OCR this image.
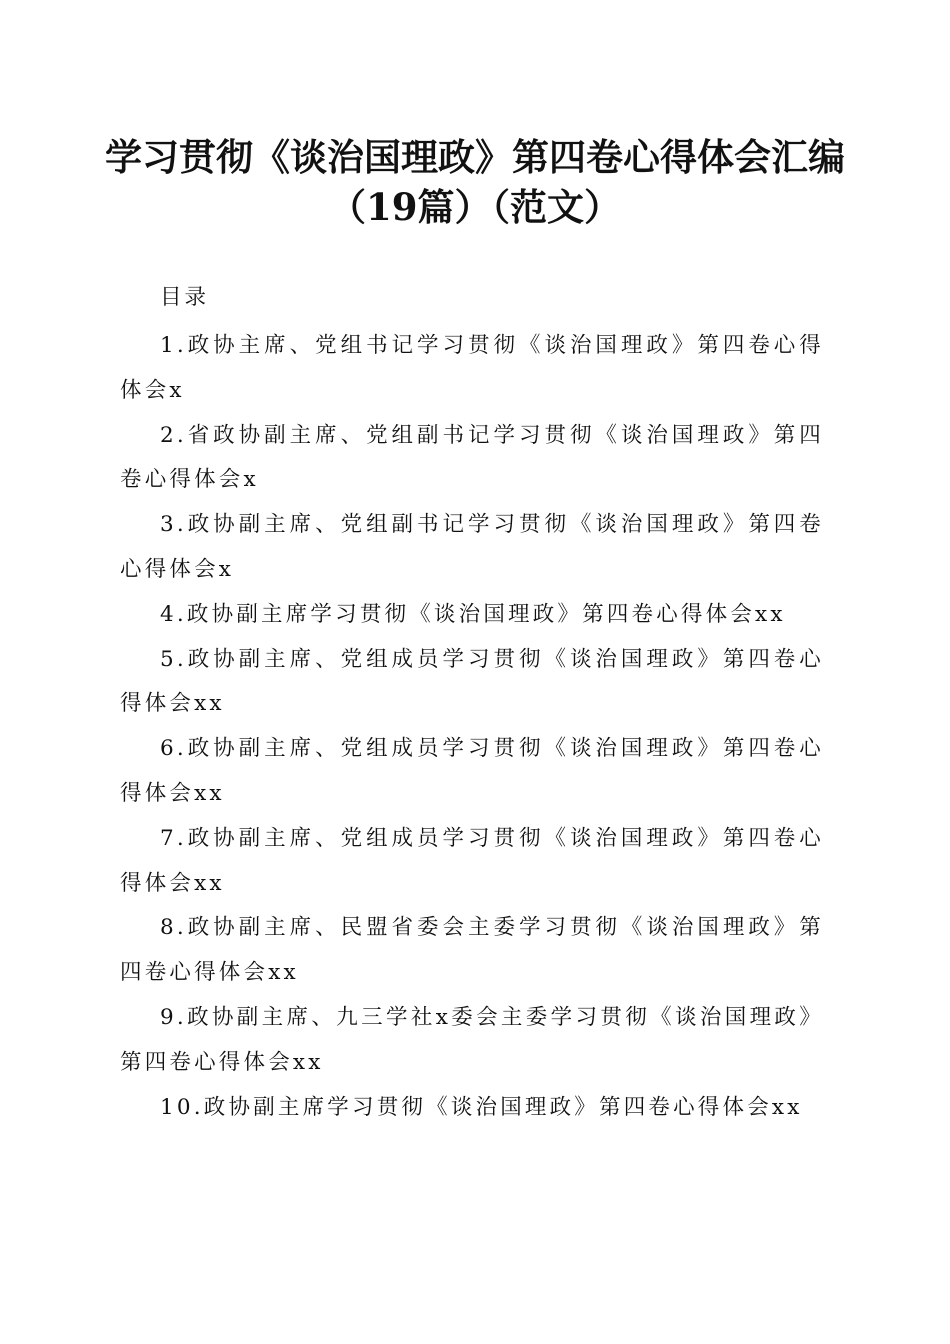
学习贯彻《谈治国理政》第四卷心得体会汇编
（19篇）（范文）
目录
1.政协主席、党组书记学习贯彻《谈治国理政》第四卷心得体会x
2.省政协副主席、党组副书记学习贯彻《谈治国理政》第四卷心得体会x
3.政协副主席、党组副书记学习贯彻《谈治国理政》第四卷心得体会x
4.政协副主席学习贯彻《谈治国理政》第四卷心得体会xx
5.政协副主席、党组成员学习贯彻《谈治国理政》第四卷心得体会xx
6.政协副主席、党组成员学习贯彻《谈治国理政》第四卷心得体会xx
7.政协副主席、党组成员学习贯彻《谈治国理政》第四卷心得体会xx
8.政协副主席、民盟省委会主委学习贯彻《谈治国理政》第四卷心得体会xx
9.政协副主席、九三学社x委会主委学习贯彻《谈治国理政》第四卷心得体会xx
10.政协副主席学习贯彻《谈治国理政》第四卷心得体会xx
